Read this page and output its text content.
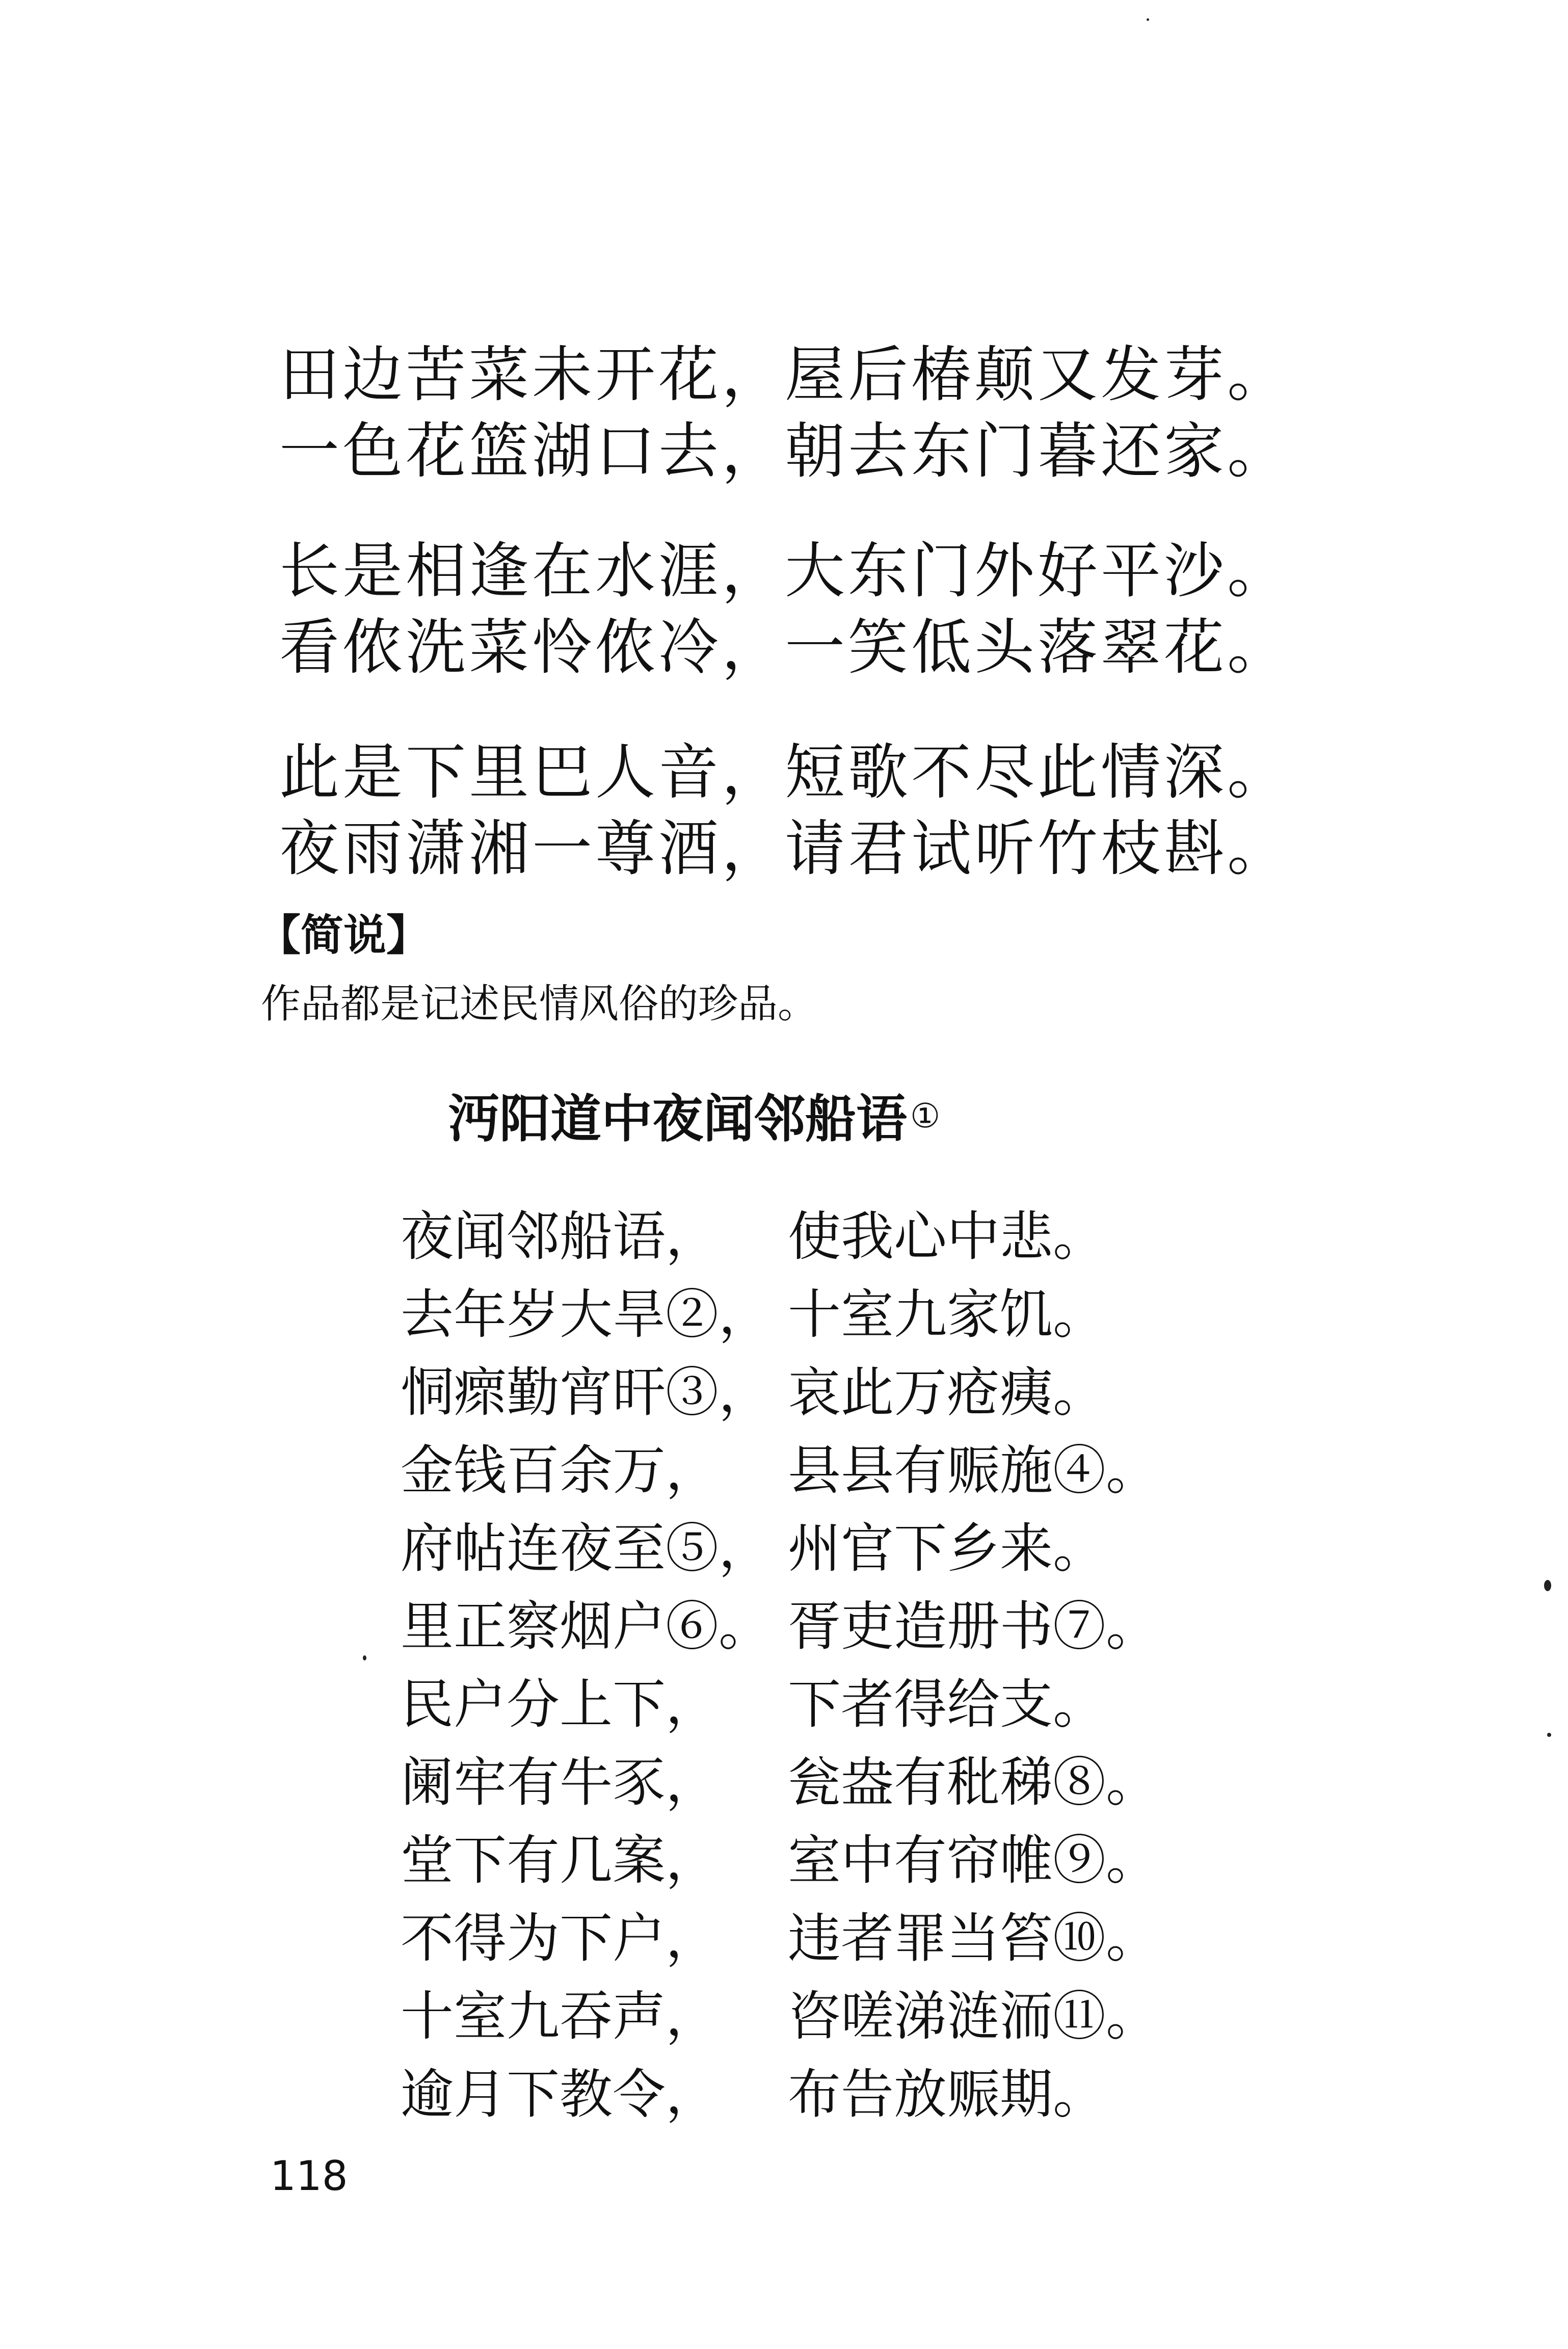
田边苦菜未开花，屋后椿颠又发芽。
一色花篮湖口去，朝去东门暮还家。
长是相逢在水涯，大东门外好平沙。
看侬洗菜怜侬冷，一笑低头落翠花。
此是下里巴人音，短歌不尽此情深。
夜雨潇湘一尊酒，请君试听竹枝斟。
【简说】
作品都是记述民情风俗的珍品。
沔阳道中夜闻邻船语①
夜闻邻船语， 使我心中悲。
去年岁大旱②， 十室九家饥。
恫瘝勤宵旰③， 哀此万疮痍。
金钱百余万， 县县有赈施④。
府帖连夜至⑤， 州官下乡来。
里正察烟户⑥。 胥吏造册书⑦。
民户分上下， 下者得给支。
阑牢有牛豕， 瓮盎有秕稊⑧。
堂下有几案， 室中有帘帷⑨。
不得为下户， 违者罪当笞⑩。
十室九吞声， 咨嗟涕涟洏⑪。
逾月下教令， 布告放赈期。
118
